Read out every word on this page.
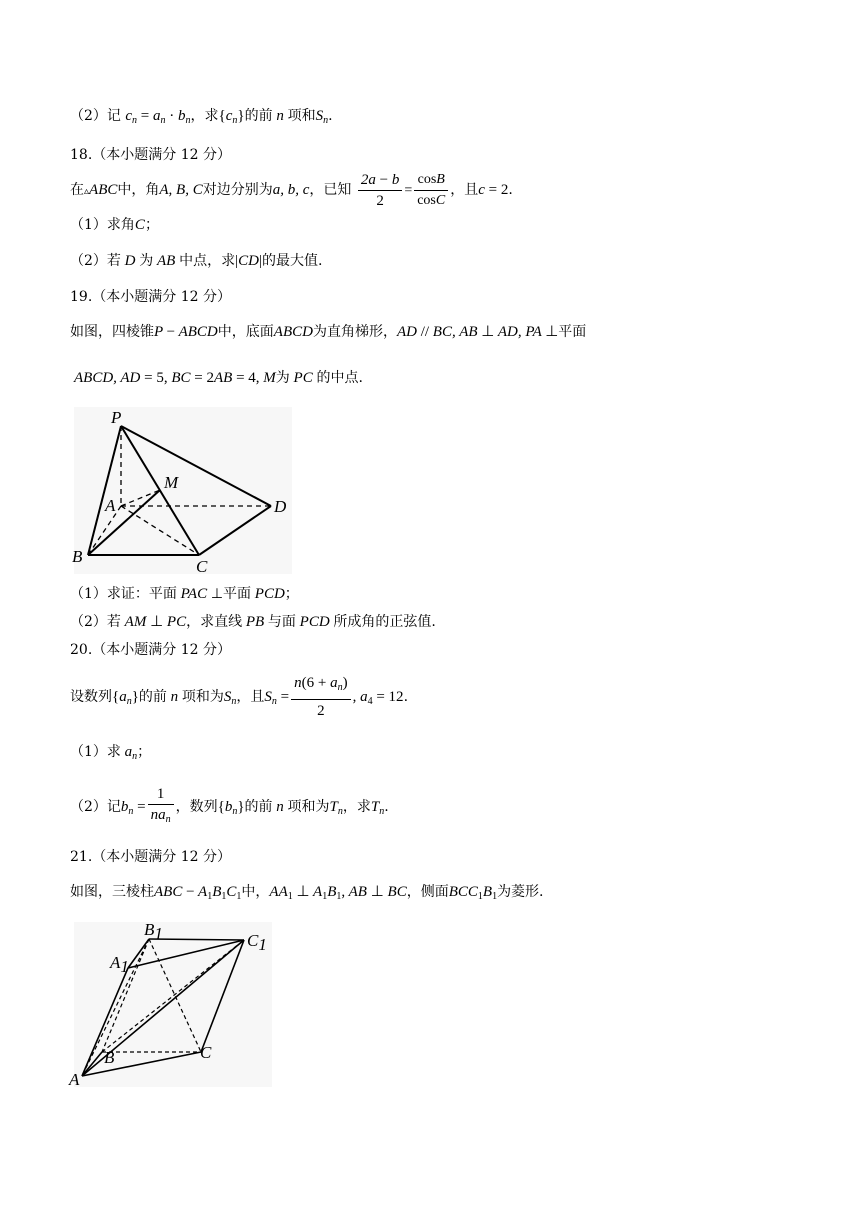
（2）记 $c_n = a_n \cdot b_n$，求$\{c_n\}$的前 n 项和$S_n$.
18.（本小题满分 12 分）
在▵ABC中，角A, B, C对边分别为a, b, c，已知 $\frac{2a - b}{2} = \frac{\cos B}{\cos C}$ ，且c = 2.
（1）求角C；
（2）若 D 为 AB 中点，求|CD|的最大值.
19.（本小题满分 12 分）
如图，四棱锥P − ABCD中，底面ABCD为直角梯形，AD // BC, AB ⊥ AD, PA ⊥平面
ABCD, AD = 5, BC = 2AB = 4, M为 PC 的中点.
P
M
A	D
B
C
（1）求证：平面 PAC ⊥平面 PCD；
（2）若 AM ⊥ PC，求直线 PB 与面 PCD 所成角的正弦值.
20.（本小题满分 12 分）
设数列$\{a_n\}$的前 n 项和为$S_n$，且$S_n = \frac{n(6 + a_n)}{2}$ , $a_4 = 12$.
（1）求 $a_n$；
（2）记$b_n = \frac{1}{na_n}$ ，数列$\{b_n\}$的前 n 项和为$T_n$，求$T_n$.
21.（本小题满分 12 分）
如图，三棱柱ABC − $A_1B_1C_1$中，$AA_1$ ⊥ $A_1B_1$, AB ⊥ BC，侧面$BCC_1B_1$为菱形.
B1	C1
A1
B	C
A
